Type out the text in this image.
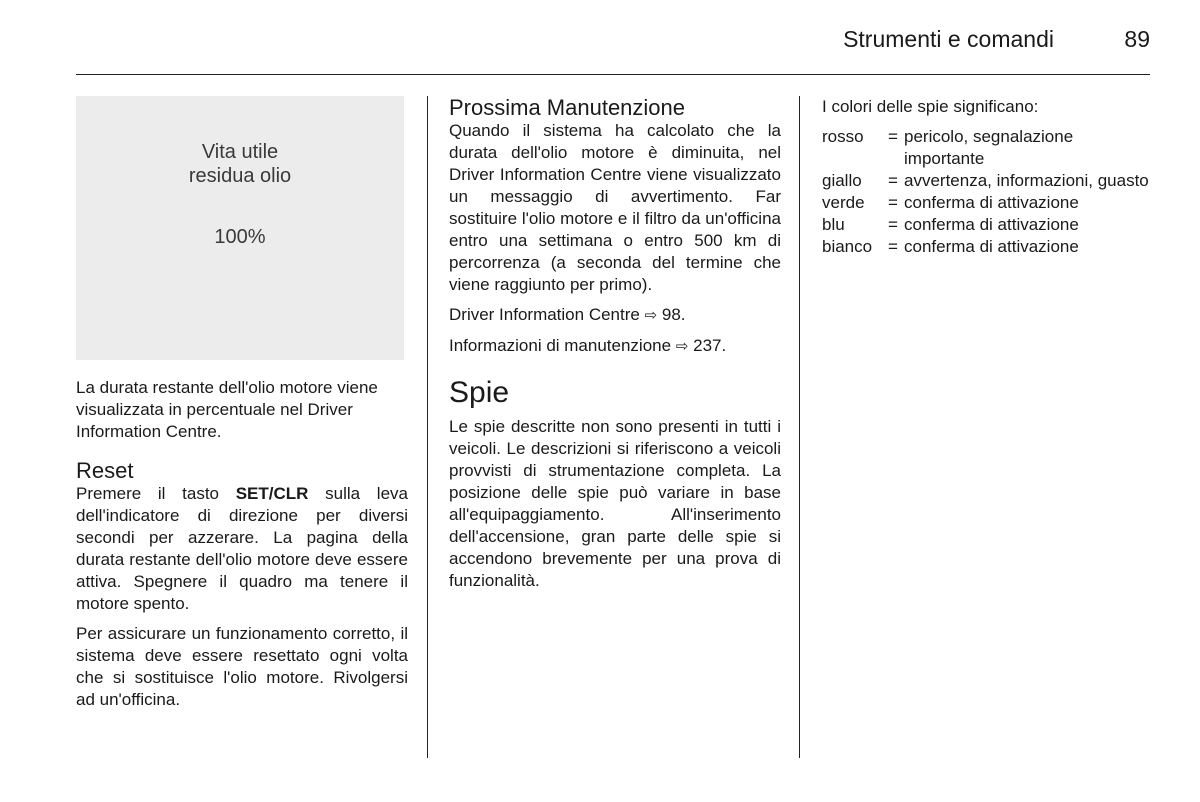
Strumenti e comandi	89
Vita utile
residua olio
100%

La durata restante dell'olio motore viene visualizzata in percentuale nel Driver Information Centre.

Reset

Premere il tasto SET/CLR sulla leva dell'indicatore di direzione per diversi secondi per azzerare. La pagina della durata restante dell'olio motore deve essere attiva. Spegnere il quadro ma tenere il motore spento.

Per assicurare un funzionamento corretto, il sistema deve essere resettato ogni volta che si sostituisce l'olio motore. Rivolgersi ad un'officina.

Prossima Manutenzione

Quando il sistema ha calcolato che la durata dell'olio motore è diminuita, nel Driver Information Centre viene visualizzato un messaggio di avvertimento. Far sostituire l'olio motore e il filtro da un'officina entro una settimana o entro 500 km di percorrenza (a seconda del termine che viene raggiunto per primo).

Driver Information Centre ⇨ 98.

Informazioni di manutenzione ⇨ 237.

Spie

Le spie descritte non sono presenti in tutti i veicoli. Le descrizioni si riferiscono a veicoli provvisti di strumentazione completa. La posizione delle spie può variare in base all'equipaggiamento. All'inserimento dell'accensione, gran parte delle spie si accendono brevemente per una prova di funzionalità.

I colori delle spie significano:

rosso	=	pericolo, segnalazione importante
giallo	=	avvertenza, informazioni, guasto
verde	=	conferma di attivazione
blu	=	conferma di attivazione
bianco	=	conferma di attivazione
